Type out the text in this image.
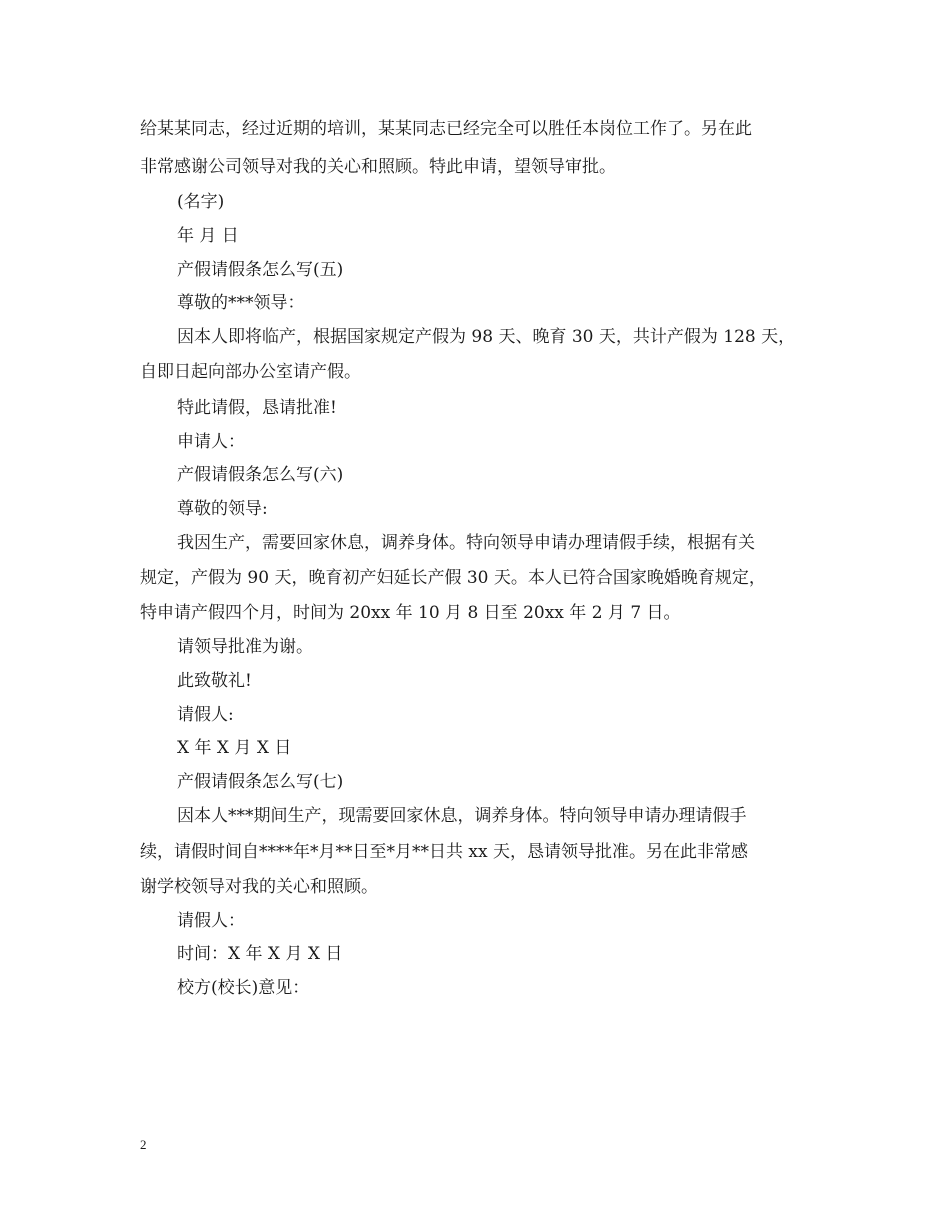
给某某同志，经过近期的培训，某某同志已经完全可以胜任本岗位工作了。另在此
非常感谢公司领导对我的关心和照顾。特此申请，望领导审批。
(名字)
年 月 日
产假请假条怎么写(五)
尊敬的***领导：
因本人即将临产，根据国家规定产假为 98 天、晚育 30 天，共计产假为 128 天，
自即日起向部办公室请产假。
特此请假，恳请批准!
申请人：
产假请假条怎么写(六)
尊敬的领导:
我因生产，需要回家休息，调养身体。特向领导申请办理请假手续，根据有关
规定，产假为 90 天，晚育初产妇延长产假 30 天。本人已符合国家晚婚晚育规定，
特申请产假四个月，时间为 20xx 年 10 月 8 日至 20xx 年 2 月 7 日。
请领导批准为谢。
此致敬礼!
请假人:
X 年 X 月 X 日
产假请假条怎么写(七)
因本人***期间生产，现需要回家休息，调养身体。特向领导申请办理请假手
续，请假时间自****年*月**日至*月**日共 xx 天，恳请领导批准。另在此非常感
谢学校领导对我的关心和照顾。
请假人：
时间：X 年 X 月 X 日
校方(校长)意见：
2
